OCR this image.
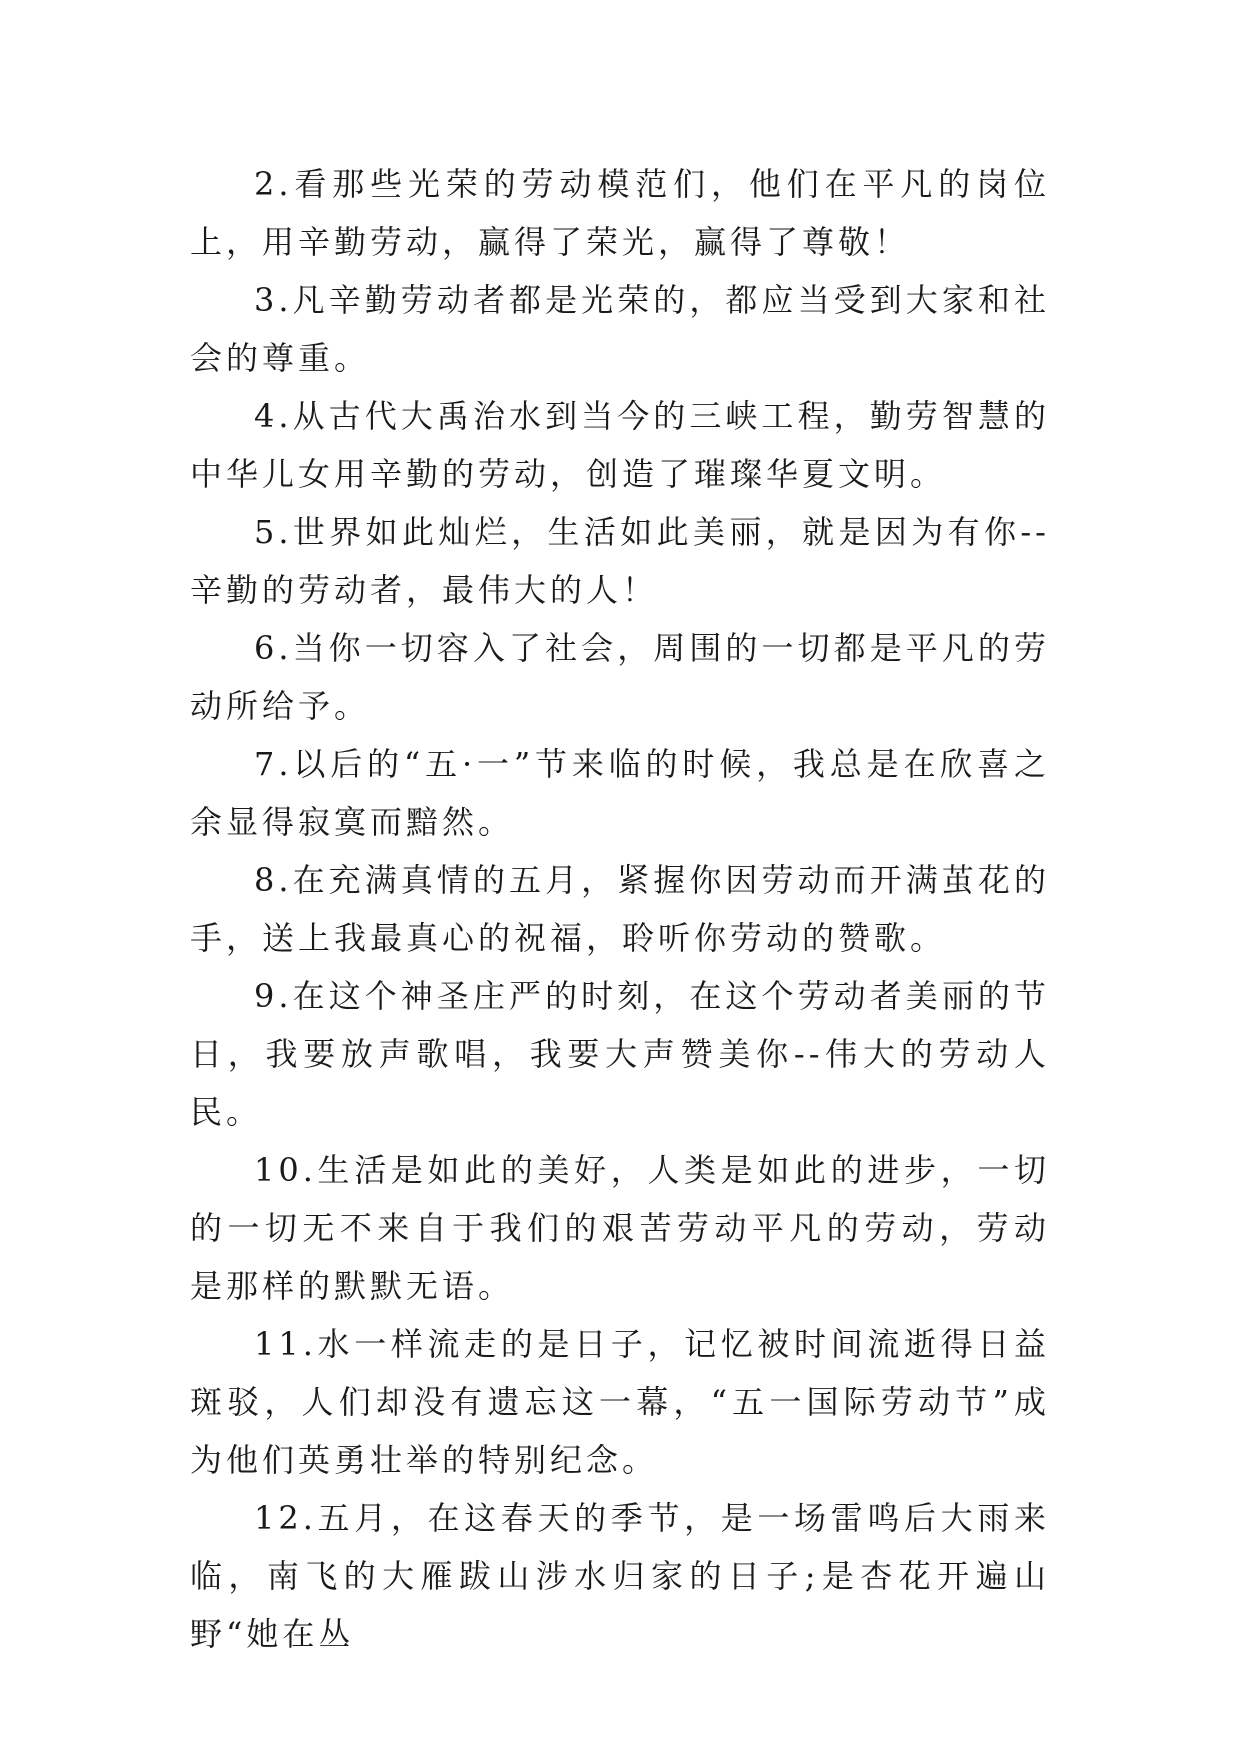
2.看那些光荣的劳动模范们，他们在平凡的岗位上，用辛勤劳动，赢得了荣光，赢得了尊敬！

3.凡辛勤劳动者都是光荣的，都应当受到大家和社会的尊重。

4.从古代大禹治水到当今的三峡工程，勤劳智慧的中华儿女用辛勤的劳动，创造了璀璨华夏文明。

5.世界如此灿烂，生活如此美丽，就是因为有你--辛勤的劳动者，最伟大的人！

6.当你一切容入了社会，周围的一切都是平凡的劳动所给予。

7.以后的“五·一”节来临的时候，我总是在欣喜之余显得寂寞而黯然。

8.在充满真情的五月，紧握你因劳动而开满茧花的手，送上我最真心的祝福，聆听你劳动的赞歌。

9.在这个神圣庄严的时刻，在这个劳动者美丽的节日，我要放声歌唱，我要大声赞美你--伟大的劳动人民。

10.生活是如此的美好，人类是如此的进步，一切的一切无不来自于我们的艰苦劳动平凡的劳动，劳动是那样的默默无语。

11.水一样流走的是日子，记忆被时间流逝得日益斑驳，人们却没有遗忘这一幕，“五一国际劳动节”成为他们英勇壮举的特别纪念。

12.五月，在这春天的季节，是一场雷鸣后大雨来临，南飞的大雁跋山涉水归家的日子;是杏花开遍山野“她在丛
